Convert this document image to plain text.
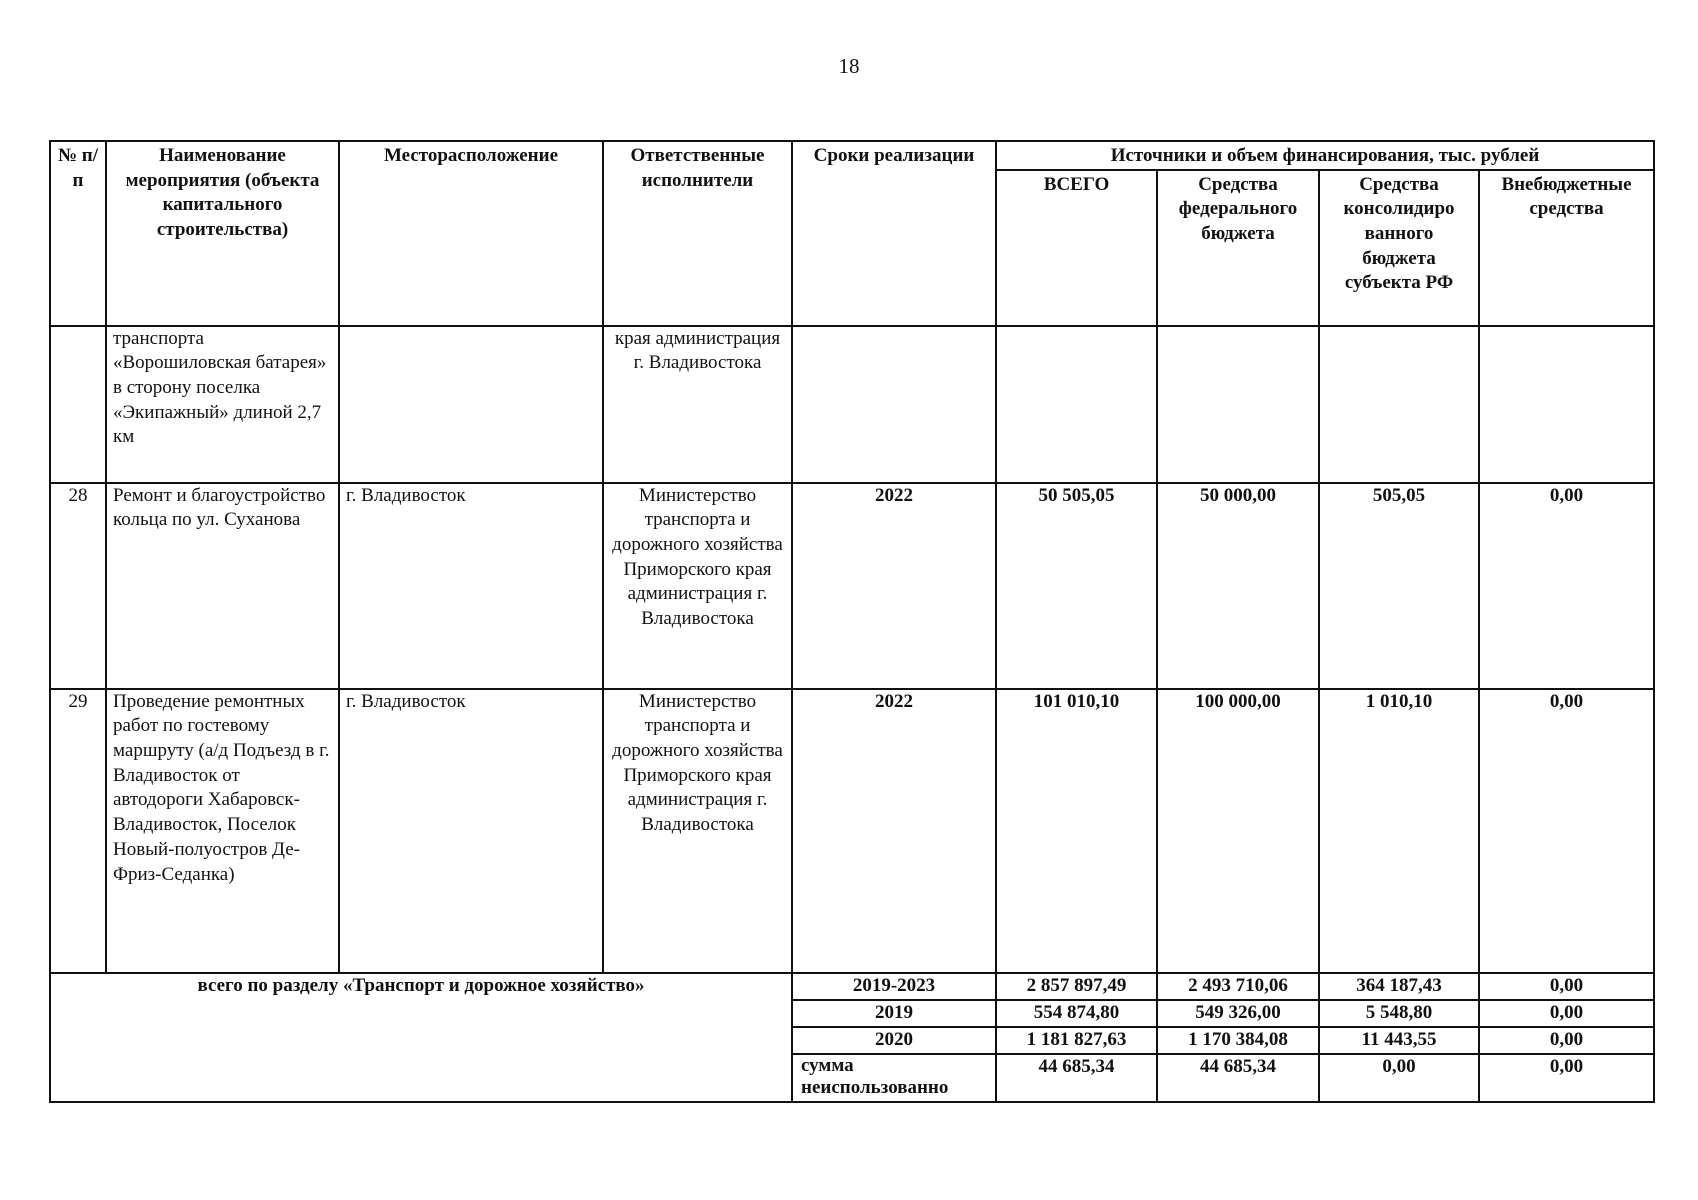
18
№ п/п	Наименование мероприятия (объекта капитального строительства)	Месторасположение	Ответственные исполнители	Сроки реализации	Источники и объем финансирования, тыс. рублей			
					ВСЕГО	Средства федерального бюджета	Средства консолидиро ванного бюджета субъекта РФ	Внебюджетные средства
	транспорта «Ворошиловская батарея» в сторону поселка «Экипажный» длиной 2,7 км		края администрация г. Владивостока					
28	Ремонт и благоустройство кольца по ул. Суханова	г. Владивосток	Министерство транспорта и дорожного хозяйства Приморского края администрация г. Владивостока	2022	50 505,05	50 000,00	505,05	0,00
29	Проведение ремонтных работ по гостевому маршруту (а/д Подъезд в г. Владивосток от автодороги Хабаровск-Владивосток, Поселок Новый-полуостров Де-Фриз-Седанка)	г. Владивосток	Министерство транспорта и дорожного хозяйства Приморского края администрация г. Владивостока	2022	101 010,10	100 000,00	1 010,10	0,00
всего по разделу «Транспорт и дорожное хозяйство»				2019-2023	2 857 897,49	2 493 710,06	364 187,43	0,00
				2019	554 874,80	549 326,00	5 548,80	0,00
				2020	1 181 827,63	1 170 384,08	11 443,55	0,00
				сумма неиспользованно	44 685,34	44 685,34	0,00	0,00
